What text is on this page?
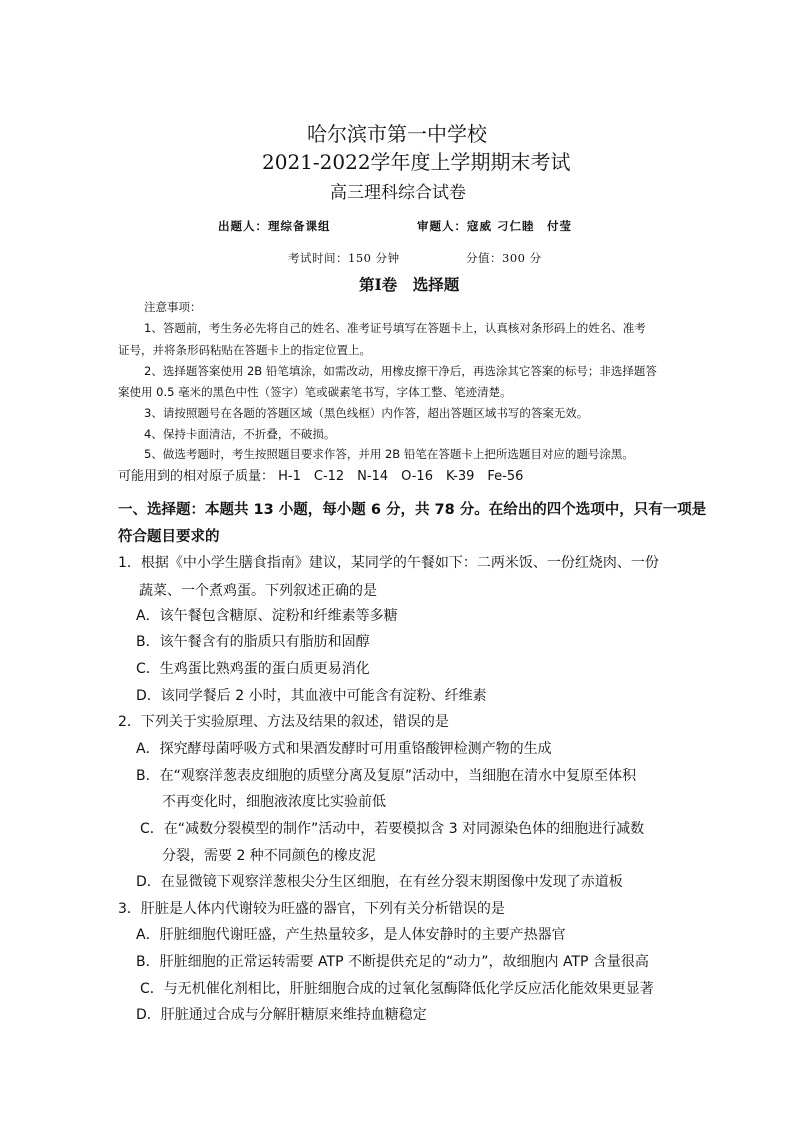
哈尔滨市第一中学校
2021-2022学年度上学期期末考试
高三理科综合试卷
出题人：理综备课组	审题人：寇威 刁仁睦　付莹
考试时间：150 分钟	分值：300 分
第Ⅰ卷　选择题
注意事项：
1、答题前，考生务必先将自己的姓名、准考证号填写在答题卡上，认真核对条形码上的姓名、准考
证号，并将条形码粘贴在答题卡上的指定位置上。
2、选择题答案使用 2B 铅笔填涂，如需改动，用橡皮擦干净后，再选涂其它答案的标号；非选择题答
案使用 0.5 毫米的黑色中性（签字）笔或碳素笔书写，字体工整、笔迹清楚。
3、请按照题号在各题的答题区域（黑色线框）内作答，超出答题区域书写的答案无效。
4、保持卡面清洁，不折叠，不破损。
5、做选考题时，考生按照题目要求作答，并用 2B 铅笔在答题卡上把所选题目对应的题号涂黑。
可能用到的相对原子质量： H-1　C-12　N-14　O-16　K-39　Fe-56
一、选择题：本题共 13 小题，每小题 6 分，共 78 分。在给出的四个选项中，只有一项是
符合题目要求的
1．根据《中小学生膳食指南》建议，某同学的午餐如下：二两米饭、一份红烧肉、一份
蔬菜、一个煮鸡蛋。下列叙述正确的是
A．该午餐包含糖原、淀粉和纤维素等多糖
B．该午餐含有的脂质只有脂肪和固醇
C．生鸡蛋比熟鸡蛋的蛋白质更易消化
D．该同学餐后 2 小时，其血液中可能含有淀粉、纤维素
2．下列关于实验原理、方法及结果的叙述，错误的是
A．探究酵母菌呼吸方式和果酒发酵时可用重铬酸钾检测产物的生成
B．在“观察洋葱表皮细胞的质壁分离及复原”活动中，当细胞在清水中复原至体积
不再变化时，细胞液浓度比实验前低
C．在“减数分裂模型的制作”活动中，若要模拟含 3 对同源染色体的细胞进行减数
分裂，需要 2 种不同颜色的橡皮泥
D．在显微镜下观察洋葱根尖分生区细胞，在有丝分裂末期图像中发现了赤道板
3．肝脏是人体内代谢较为旺盛的器官，下列有关分析错误的是
A．肝脏细胞代谢旺盛，产生热量较多，是人体安静时的主要产热器官
B．肝脏细胞的正常运转需要 ATP 不断提供充足的“动力”，故细胞内 ATP 含量很高
C．与无机催化剂相比，肝脏细胞合成的过氧化氢酶降低化学反应活化能效果更显著
D．肝脏通过合成与分解肝糖原来维持血糖稳定
